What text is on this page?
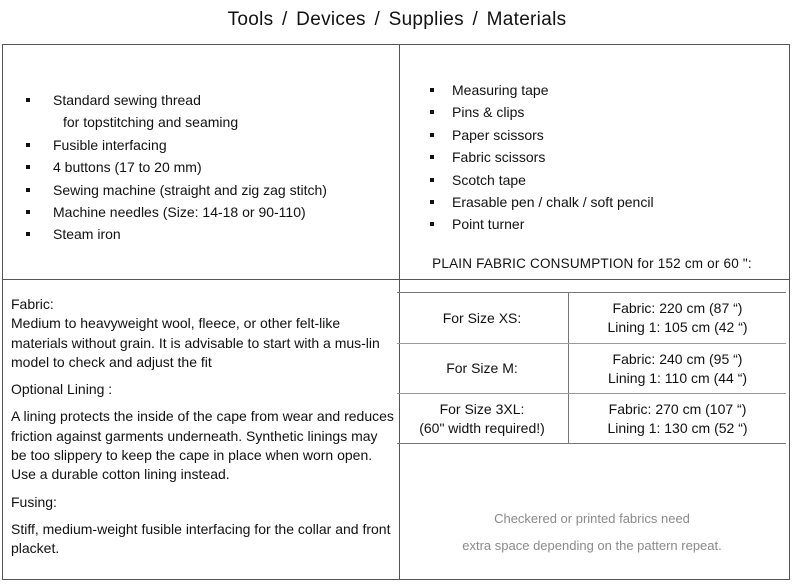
Tools / Devices / Supplies / Materials
Standard sewing thread
for topstitching and seaming
Fusible interfacing
4 buttons (17 to 20 mm)
Sewing machine (straight and zig zag stitch)
Machine needles (Size: 14-18 or 90-110)
Steam iron
Measuring tape
Pins & clips
Paper scissors
Fabric scissors
Scotch tape
Erasable pen / chalk / soft pencil
Point turner

Fabric:

Medium to heavyweight wool, fleece, or other felt-like materials without grain. It is advisable to start with a mus-lin model to check and adjust the fit

Optional Lining :

A lining protects the inside of the cape from wear and reduces friction against garments underneath. Synthetic linings may be too slippery to keep the cape in place when worn open. Use a durable cotton lining instead.

Fusing:

Stiff, medium-weight fusible interfacing for the collar and front placket.

PLAIN FABRIC CONSUMPTION for 152 cm or 60 ":
For Size XS:
Fabric: 220 cm (87 “)
Lining 1: 105 cm (42 “)
For Size M:
Fabric: 240 cm (95 “)
Lining 1: 110 cm (44 “)
For Size 3XL:
(60" width required!)
Fabric: 270 cm (107 “)
Lining 1: 130 cm (52 “)
Checkered or printed fabrics need
extra space depending on the pattern repeat.
